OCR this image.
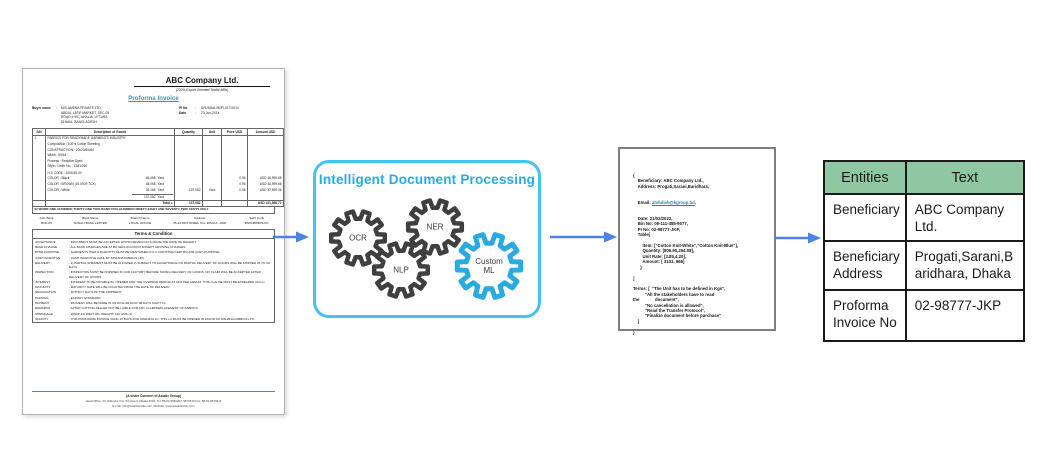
ABC Company Ltd.
(100% Export Oriented Textile Mills)
Proforma Invoice
Buyer name	:	M/S.AMENA PRIVATE LTD
ABDUL LATIF MARKET, SEC-05
ROAD # 9/C, AHALIA, UTTARA
DHAKA, BANGLADESH
PI No	:	SFL/MAA-06/PI-017/2014
Date	:	23-Jun-2014
S/N	Description of Goods	Quantity	Unit	Price USD	Amount USD
1	FABRICS FOR READYMADE GARMENTS INDUSTRY.
Composition : 100% Cotton Sheeting
CONSTRUCTION : 20x20/60x60
Width : 59/64"
Process : Reactive Dyed
Style / Order No. : 1381/260

	H.S CODE : 5208.59.00				

	COLOR : Black 48,058 Yard			0.96	USD 46,999.68

	COLOR : BROWN (19-0909 TCX) 48,058 Yard			0.96	USD 46,999.68

	COLOR : White 39,166 Yard	137,082	Yard	0.96	USD 37,599.36

	137,082 Yard				

	Total =	137,082			USD 131,598.72
IN WORD: ONE HUNDRED THIRTY-ONE THOUSAND FIVE HUNDRED NINETY-EIGHT AND SEVENTY-TWO CENTS ONLY
Adv. Bank	Bank Name	Branch Name	Address	Swift Code
BNK-05	SONALI BANK LIMITED	LOCAL OFFICE	35-44 MOTIJHEEL C/A, DHAKA- 1000	BSONBDDHLOC
Terms & Condition
ACCEPTANCE	: DOCUMENT MUST BE ACCEPTED WITHIN SEVEN DAYS FROM THE DATE OF RECEIPT
BANK CHARGE	: ALL BANK CHARGES ARE AT BUYERS ACCOUNT EXCEPT ADVISING CHARGES.
BTMA PURPOSE	: GARMENTS ITEM & QUANTITY MUST BE MENTIONED IN LC FOR BTMA CERTIFICATE (GSP) PURPOSE.
CASH INCENTIVE	: CASH INCENTIVE AVAIL BY SINJANA FABRICS LTD.
DELIVERY	: 1) PARTIAL SHIPMENT MUST BE ALLOWED 2) SUBJECT TO ACCEPTANCE ON PARTIAL DELIVERY OF GOODS WILL BE SHIPPED 25 TO 30 DAYS
INSPECTION	: INSPECTION MUST BE FINISHED IN OUR FACTORY BEFORE TAKING DELIVERY OF GOODS. NO CLAIM WILL BE ACCEPTED AFTER DELIVERY OF GOODS.
INTEREST	: INTEREST TO BE PAYABLE BY OPENER FOR THE OVERDUE PERIOD AT 16% PER ANNUM. THIS CLAUSE MUST BE APPEARED ON LC.
MATURITY	: MATURITY DATE WILL BE COUNTED FROM THE DATE OF DELIVERY.
NEGOCIATION	: WITHIN 7 DAYS OF THE SHIPMENT.
PACKING	: EXPORT STANDARD
PAYMENT	: PAYMENT WILL BE MADE IN US DOLLAR 60 AT 90 DAYS SIGHT LC
REMARKS	: AFTER CUTTING SELLER NOT BE LIABLE FOR ANY CLAIM/REPLACEMENT OF FABRICS.
SHRINKAGE	: WARP 4% WEFT 8%, WEIGHT: 130 GMS (±)
VALIDITY	: THIS PROFORMA INVOICE VALID 10 DAYS FOR OPENING LC. THIS LC MUST BE OPENED IN FAVOR OF SINJANA FABRICS LTD.
(A sister Concern of Asiatic Group)
Head Office: 43, Dilkusha C/A (7th Floor), Dhaka-1000. Tel: 88-02-9560202, 9570616 Fax: 88-02-9570613
E-mail: info@asiatictextile.com, Website: www.asiatictextile.com
Intelligent Document Processing
OCR
NER
NLP
Custom ML

{
Beneficiary: ABC Company Ltd.,
Address: Progati,Sarani,Baridhara,

Email: abdullah@kgroup.bd,

Date: 21/02/2022,
Bin No: 09-111-455-9077,
PI No: 02-98777-JKP,
Table[
Item: ["Cotton Knit-White","Cotton Knit-Blue"],
Quantity: [806.90,254.08],
Unit Rate: [3.85,4.20],
Amount: [ 3103, 966]
}
]
Terms: [  "The Unit has to be defined in Kgs",
"All the stakeholders have to read
the             document",
"No cancellation is allowed",
"Read the Transfer Protocol",
"Finalize document before purchase"
]
}

Entities	Text
Beneficiary	ABC Company Ltd.
Beneficiary Address	Progati,Sarani,Baridhara, Dhaka
Proforma Invoice No	02-98777-JKP
